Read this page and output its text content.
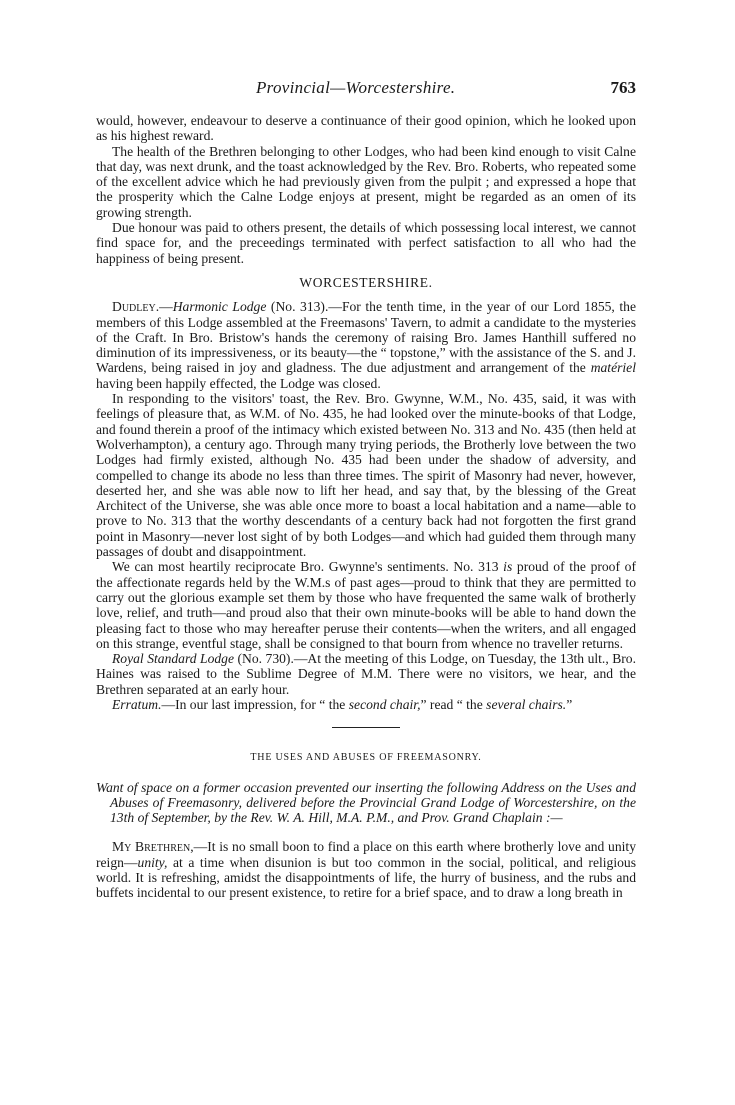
Provincial—Worcestershire.	763

would, however, endeavour to deserve a continuance of their good opinion, which he looked upon as his highest reward.

The health of the Brethren belonging to other Lodges, who had been kind enough to visit Calne that day, was next drunk, and the toast acknowledged by the Rev. Bro. Roberts, who repeated some of the excellent advice which he had previously given from the pulpit ; and expressed a hope that the prosperity which the Calne Lodge enjoys at present, might be regarded as an omen of its growing strength.

Due honour was paid to others present, the details of which possessing local interest, we cannot find space for, and the preceedings terminated with perfect satisfaction to all who had the happiness of being present.

WORCESTERSHIRE.

Dudley.—Harmonic Lodge (No. 313).—For the tenth time, in the year of our Lord 1855, the members of this Lodge assembled at the Freemasons' Tavern, to admit a candidate to the mysteries of the Craft. In Bro. Bristow's hands the ceremony of raising Bro. James Hanthill suffered no diminution of its impressiveness, or its beauty—the “ topstone,” with the assistance of the S. and J. Wardens, being raised in joy and gladness. The due adjustment and arrangement of the matériel having been happily effected, the Lodge was closed.

In responding to the visitors' toast, the Rev. Bro. Gwynne, W.M., No. 435, said, it was with feelings of pleasure that, as W.M. of No. 435, he had looked over the minute-books of that Lodge, and found therein a proof of the intimacy which existed between No. 313 and No. 435 (then held at Wolverhampton), a century ago. Through many trying periods, the Brotherly love between the two Lodges had firmly existed, although No. 435 had been under the shadow of adversity, and compelled to change its abode no less than three times. The spirit of Masonry had never, however, deserted her, and she was able now to lift her head, and say that, by the blessing of the Great Architect of the Universe, she was able once more to boast a local habitation and a name—able to prove to No. 313 that the worthy descendants of a century back had not forgotten the first grand point in Masonry—never lost sight of by both Lodges—and which had guided them through many passages of doubt and disappointment.

We can most heartily reciprocate Bro. Gwynne's sentiments. No. 313 is proud of the proof of the affectionate regards held by the W.M.s of past ages—proud to think that they are permitted to carry out the glorious example set them by those who have frequented the same walk of brotherly love, relief, and truth—and proud also that their own minute-books will be able to hand down the pleasing fact to those who may hereafter peruse their contents—when the writers, and all engaged on this strange, eventful stage, shall be consigned to that bourn from whence no traveller returns.

Royal Standard Lodge (No. 730).—At the meeting of this Lodge, on Tuesday, the 13th ult., Bro. Haines was raised to the Sublime Degree of M.M. There were no visitors, we hear, and the Brethren separated at an early hour.

Erratum.—In our last impression, for “ the second chair,” read “ the several chairs.”

THE USES AND ABUSES OF FREEMASONRY.

Want of space on a former occasion prevented our inserting the following Address on the Uses and Abuses of Freemasonry, delivered before the Provincial Grand Lodge of Worcestershire, on the 13th of September, by the Rev. W. A. Hill, M.A. P.M., and Prov. Grand Chaplain :—

My Brethren,—It is no small boon to find a place on this earth where brotherly love and unity reign—unity, at a time when disunion is but too common in the social, political, and religious world. It is refreshing, amidst the disappointments of life, the hurry of business, and the rubs and buffets incidental to our present existence, to retire for a brief space, and to draw a long breath in
